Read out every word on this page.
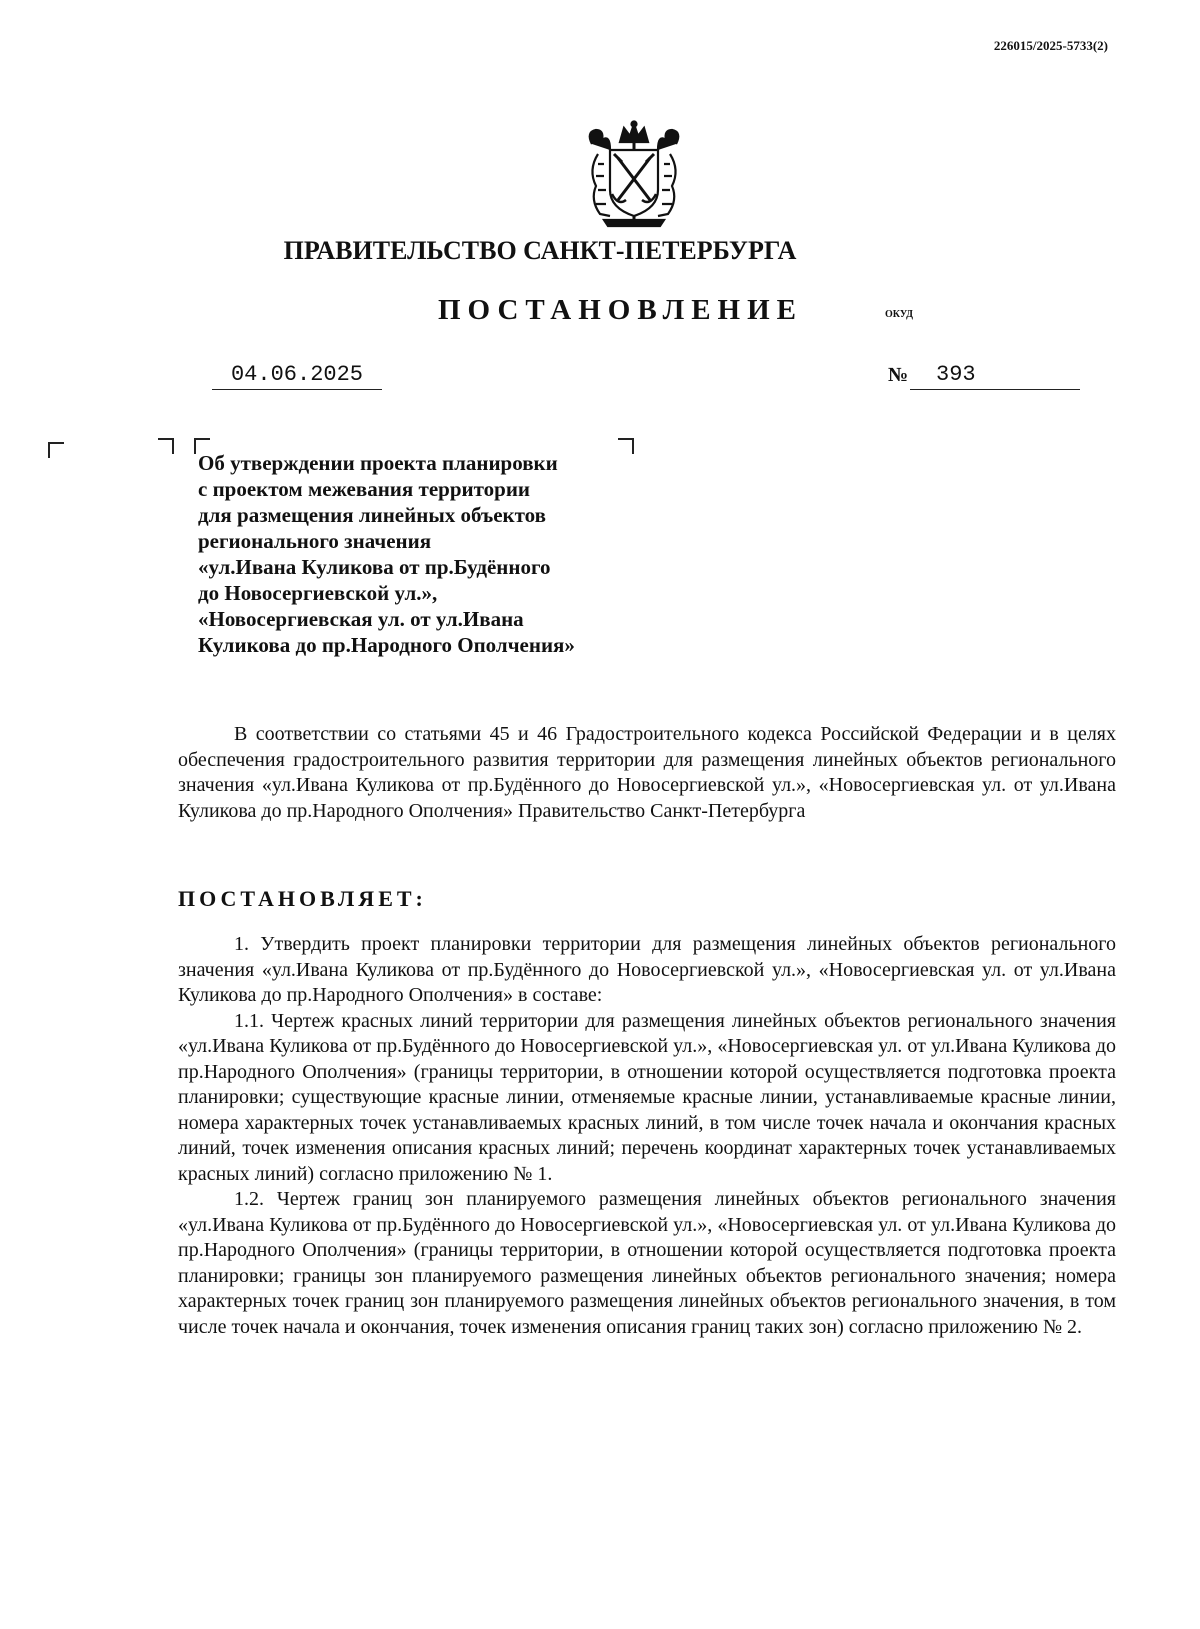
226015/2025-5733(2)
ПРАВИТЕЛЬСТВО САНКТ-ПЕТЕРБУРГА
ПОСТАНОВЛЕНИЕ	ОКУД
04.06.2025	№	393
Об утверждении проекта планировки
с проектом межевания территории
для размещения линейных объектов
регионального значения
«ул.Ивана Куликова от пр.Будённого
до Новосергиевской ул.»,
«Новосергиевская ул. от ул.Ивана
Куликова до пр.Народного Ополчения»

В соответствии со статьями 45 и 46 Градостроительного кодекса Российской Федерации и в целях обеспечения градостроительного развития территории для размещения линейных объектов регионального значения «ул.Ивана Куликова от пр.Будённого до Новосергиевской ул.», «Новосергиевская ул. от ул.Ивана Куликова до пр.Народного Ополчения» Правительство Санкт-Петербурга

ПОСТАНОВЛЯЕТ:

1. Утвердить проект планировки территории для размещения линейных объектов регионального значения «ул.Ивана Куликова от пр.Будённого до Новосергиевской ул.», «Новосергиевская ул. от ул.Ивана Куликова до пр.Народного Ополчения» в составе:

1.1. Чертеж красных линий территории для размещения линейных объектов регионального значения «ул.Ивана Куликова от пр.Будённого до Новосергиевской ул.», «Новосергиевская ул. от ул.Ивана Куликова до пр.Народного Ополчения» (границы территории, в отношении которой осуществляется подготовка проекта планировки; существующие красные линии, отменяемые красные линии, устанавливаемые красные линии, номера характерных точек устанавливаемых красных линий, в том числе точек начала и окончания красных линий, точек изменения описания красных линий; перечень координат характерных точек устанавливаемых красных линий) согласно приложению № 1.

1.2. Чертеж границ зон планируемого размещения линейных объектов регионального значения «ул.Ивана Куликова от пр.Будённого до Новосергиевской ул.», «Новосергиевская ул. от ул.Ивана Куликова до пр.Народного Ополчения» (границы территории, в отношении которой осуществляется подготовка проекта планировки; границы зон планируемого размещения линейных объектов регионального значения; номера характерных точек границ зон планируемого размещения линейных объектов регионального значения, в том числе точек начала и окончания, точек изменения описания границ таких зон) согласно приложению № 2.
